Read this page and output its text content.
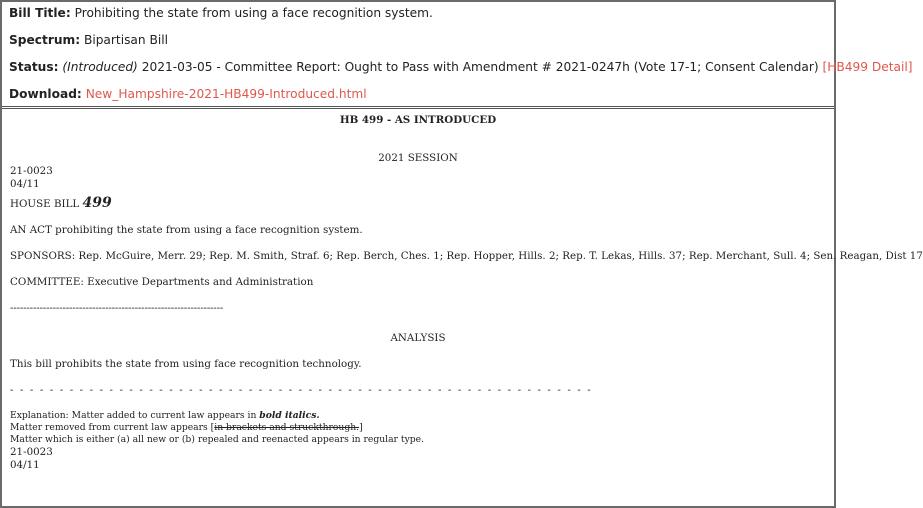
Bill Title: Prohibiting the state from using a face recognition system.
Spectrum: Bipartisan Bill
Status: (Introduced) 2021-03-05 - Committee Report: Ought to Pass with Amendment # 2021-0247h (Vote 17-1; Consent Calendar) [HB499 Detail]
Download: New_Hampshire-2021-HB499-Introduced.html
HB 499 - AS INTRODUCED
2021 SESSION
21-0023
04/11
HOUSE BILL 499
AN ACT prohibiting the state from using a face recognition system.
SPONSORS: Rep. McGuire, Merr. 29; Rep. M. Smith, Straf. 6; Rep. Berch, Ches. 1; Rep. Hopper, Hills. 2; Rep. T. Lekas, Hills. 37; Rep. Merchant, Sull. 4; Sen. Reagan, Dist 17
COMMITTEE: Executive Departments and Administration
-----------------------------------------------------------------
ANALYSIS
This bill prohibits the state from using face recognition technology.
- - - - - - - - - - - - - - - - - - - - - - - - - - - - - - - - - - - - - - - - - - - - - - - - - - - - - - - - - - -
Explanation: Matter added to current law appears in bold italics.
Matter removed from current law appears [in brackets and struckthrough.]
Matter which is either (a) all new or (b) repealed and reenacted appears in regular type.
21-0023
04/11
